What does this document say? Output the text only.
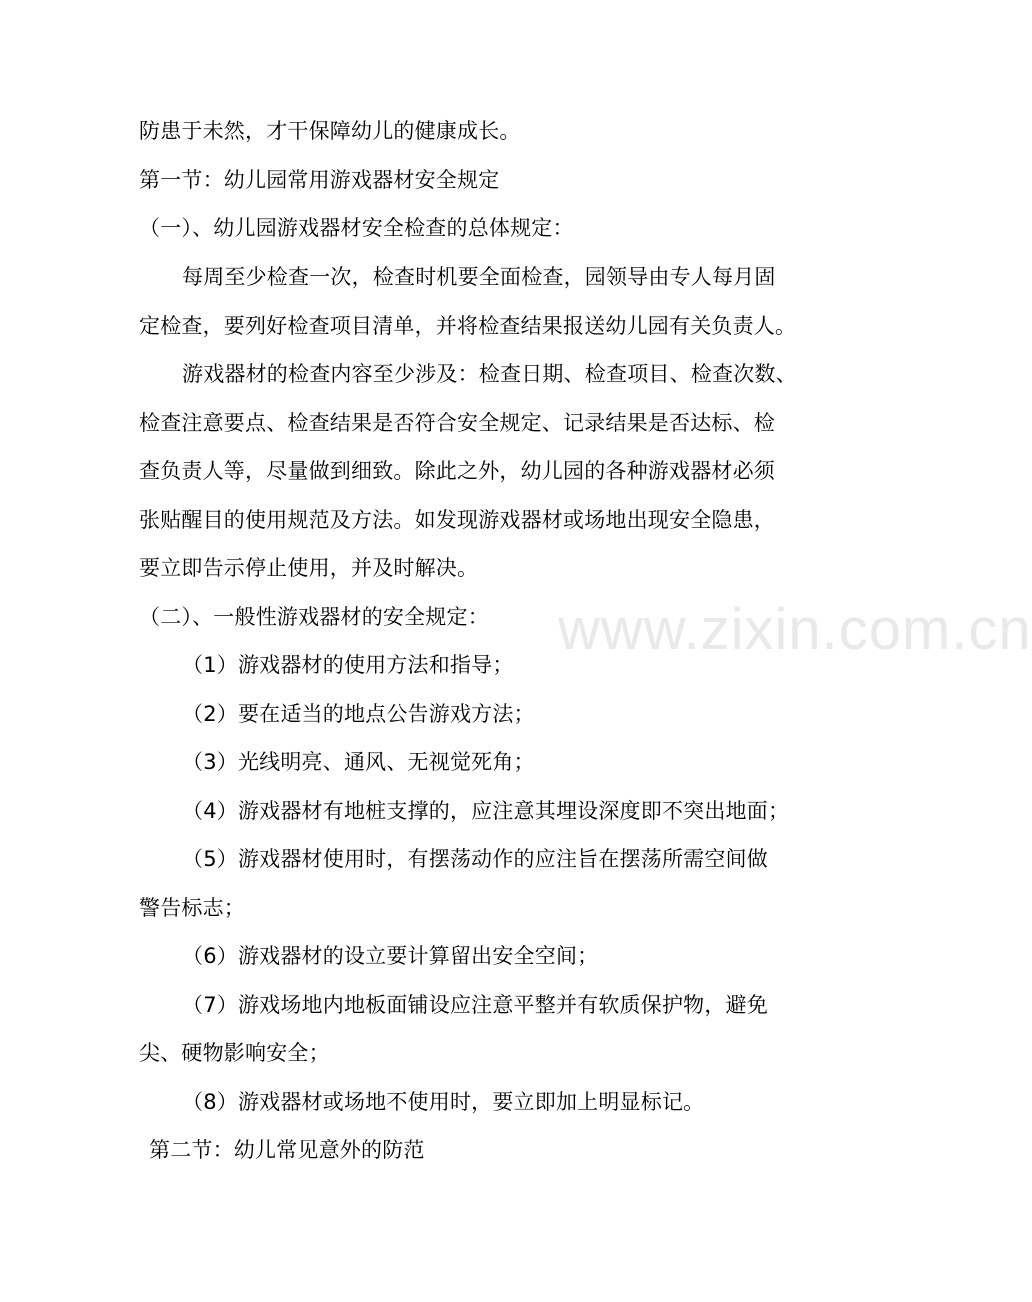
www.zixin.com.cn
防患于未然，才干保障幼儿的健康成长。
第一节：幼儿园常用游戏器材安全规定
（一）、幼儿园游戏器材安全检查的总体规定：
每周至少检查一次，检查时机要全面检查，园领导由专人每月固
定检查，要列好检查项目清单，并将检查结果报送幼儿园有关负责人。
游戏器材的检查内容至少涉及：检查日期、检查项目、检查次数、
检查注意要点、检查结果是否符合安全规定、记录结果是否达标、检
查负责人等，尽量做到细致。除此之外，幼儿园的各种游戏器材必须
张贴醒目的使用规范及方法。如发现游戏器材或场地出现安全隐患，
要立即告示停止使用，并及时解决。
（二）、一般性游戏器材的安全规定：
（1）游戏器材的使用方法和指导；
（2）要在适当的地点公告游戏方法；
（3）光线明亮、通风、无视觉死角；
（4）游戏器材有地桩支撑的，应注意其埋设深度即不突出地面；
（5）游戏器材使用时，有摆荡动作的应注旨在摆荡所需空间做
警告标志；
（6）游戏器材的设立要计算留出安全空间；
（7）游戏场地内地板面铺设应注意平整并有软质保护物，避免
尖、硬物影响安全；
（8）游戏器材或场地不使用时，要立即加上明显标记。
第二节：幼儿常见意外的防范
